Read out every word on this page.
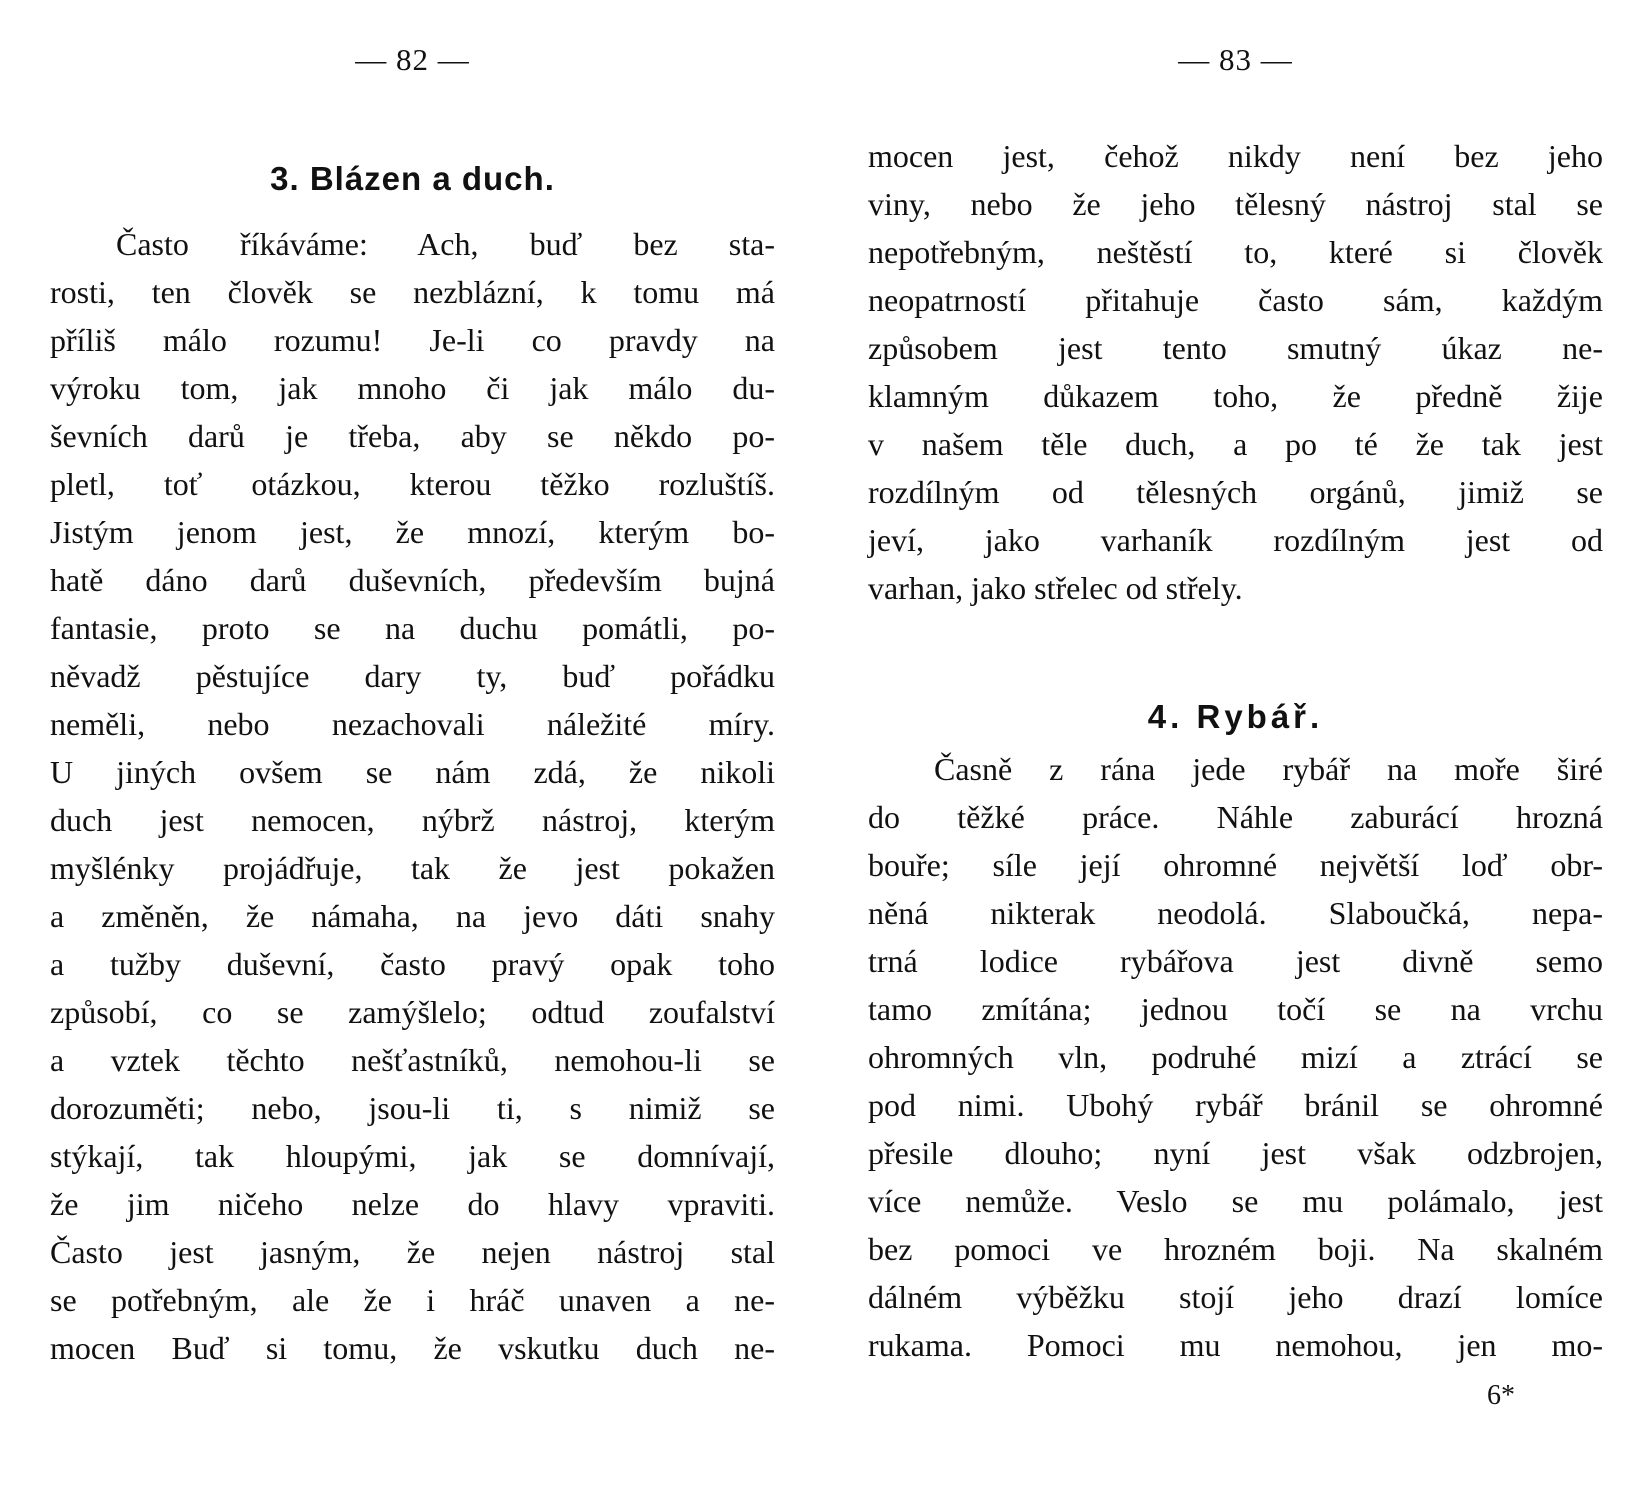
— 82 —
3. Blázen a duch.
Často říkáváme: Ach, buď bez sta-
rosti, ten člověk se nezblázní, k tomu má
příliš málo rozumu! Je-li co pravdy na
výroku tom, jak mnoho či jak málo du-
ševních darů je třeba, aby se někdo po-
pletl, toť otázkou, kterou těžko rozluštíš.
Jistým jenom jest, že mnozí, kterým bo-
hatě dáno darů duševních, především bujná
fantasie, proto se na duchu pomátli, po-
něvadž pěstujíce dary ty, buď pořádku
neměli, nebo nezachovali náležité míry.
U jiných ovšem se nám zdá, že nikoli
duch jest nemocen, nýbrž nástroj, kterým
myšlénky projádřuje, tak že jest pokažen
a změněn, že námaha, na jevo dáti snahy
a tužby duševní, často pravý opak toho
způsobí, co se zamýšlelo; odtud zoufalství
a vztek těchto nešťastníků, nemohou-li se
dorozuměti; nebo, jsou-li ti, s nimiž se
stýkají, tak hloupými, jak se domnívají,
že jim ničeho nelze do hlavy vpraviti.
Často jest jasným, že nejen nástroj stal
se potřebným, ale že i hráč unaven a ne-
mocen Buď si tomu, že vskutku duch ne-
— 83 —
mocen jest, čehož nikdy není bez jeho
viny, nebo že jeho tělesný nástroj stal se
nepotřebným, neštěstí to, které si člověk
neopatrností přitahuje často sám, každým
způsobem jest tento smutný úkaz ne-
klamným důkazem toho, že předně žije
v našem těle duch, a po té že tak jest
rozdílným od tělesných orgánů, jimiž se
jeví, jako varhaník rozdílným jest od
varhan, jako střelec od střely.
4. Rybář.
Časně z rána jede rybář na moře širé
do těžké práce. Náhle zaburácí hrozná
bouře; síle její ohromné největší loď obr-
něná nikterak neodolá. Slaboučká, nepa-
trná lodice rybářova jest divně semo
tamo zmítána; jednou točí se na vrchu
ohromných vln, podruhé mizí a ztrácí se
pod nimi. Ubohý rybář bránil se ohromné
přesile dlouho; nyní jest však odzbrojen,
více nemůže. Veslo se mu polámalo, jest
bez pomoci ve hrozném boji. Na skalném
dálném výběžku stojí jeho drazí lomíce
rukama. Pomoci mu nemohou, jen mo-
6*
